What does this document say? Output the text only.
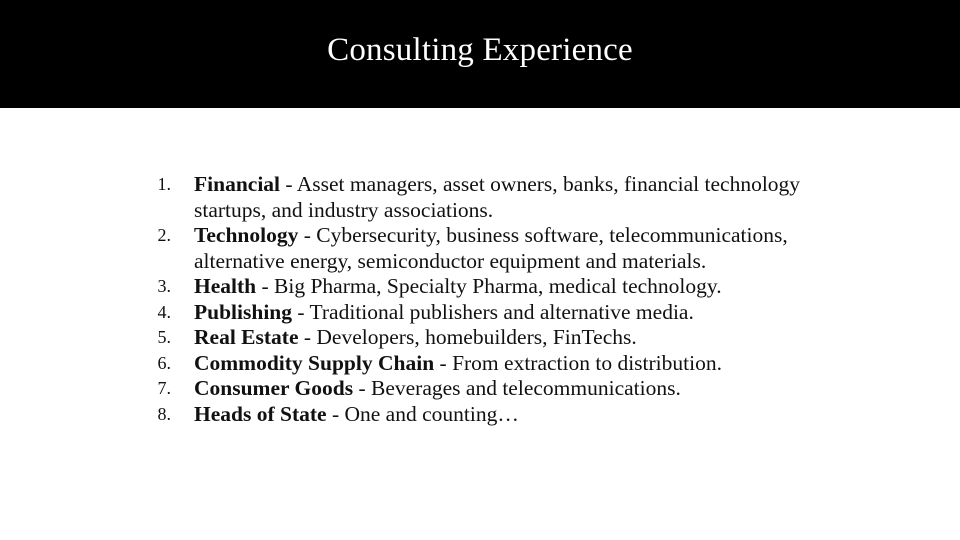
Consulting Experience
1. Financial - Asset managers, asset owners, banks, financial technology startups, and industry associations.
2. Technology - Cybersecurity, business software, telecommunications, alternative energy, semiconductor equipment and materials.
3. Health - Big Pharma, Specialty Pharma, medical technology.
4. Publishing - Traditional publishers and alternative media.
5. Real Estate - Developers, homebuilders, FinTechs.
6. Commodity Supply Chain - From extraction to distribution.
7. Consumer Goods - Beverages and telecommunications.
8. Heads of State - One and counting…
